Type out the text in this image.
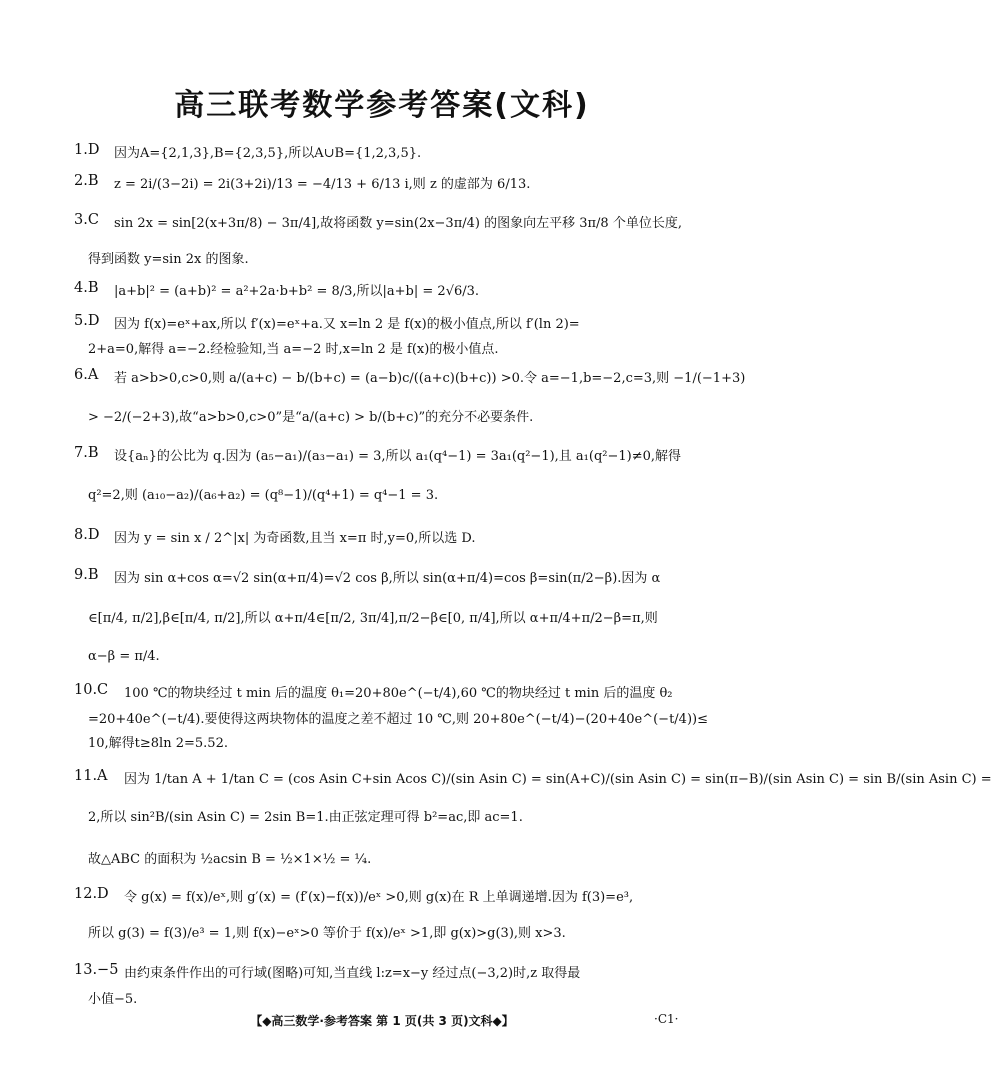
高三联考数学参考答案(文科)
1.D 因为A={2,1,3},B={2,3,5},所以A∪B={1,2,3,5}.
2.B z = 2i/(3−2i) = 2i(3+2i)/13 = −4/13 + 6/13 i,则 z 的虚部为 6/13.
3.C sin 2x = sin[2(x+3π/8) − 3π/4],故将函数 y=sin(2x−3π/4) 的图象向左平移 3π/8 个单位长度,
得到函数 y=sin 2x 的图象.
4.B |a+b|² = (a+b)² = a²+2a·b+b² = 8/3,所以|a+b| = 2√6/3.
5.D 因为 f(x)=eˣ+ax,所以 f′(x)=eˣ+a.又 x=ln 2 是 f(x)的极小值点,所以 f′(ln 2)=
2+a=0,解得 a=−2.经检验知,当 a=−2 时,x=ln 2 是 f(x)的极小值点.
6.A 若 a>b>0,c>0,则 a/(a+c) − b/(b+c) = (a−b)c/((a+c)(b+c)) >0.令 a=−1,b=−2,c=3,则 −1/(−1+3)
> −2/(−2+3),故“a>b>0,c>0”是“a/(a+c) > b/(b+c)”的充分不必要条件.
7.B 设{aₙ}的公比为 q.因为 (a₅−a₁)/(a₃−a₁) = 3,所以 a₁(q⁴−1) = 3a₁(q²−1),且 a₁(q²−1)≠0,解得
q²=2,则 (a₁₀−a₂)/(a₆+a₂) = (q⁸−1)/(q⁴+1) = q⁴−1 = 3.
8.D 因为 y = sin x / 2^|x| 为奇函数,且当 x=π 时,y=0,所以选 D.
9.B 因为 sin α+cos α=√2 sin(α+π/4)=√2 cos β,所以 sin(α+π/4)=cos β=sin(π/2−β).因为 α
∈[π/4, π/2],β∈[π/4, π/2],所以 α+π/4∈[π/2, 3π/4],π/2−β∈[0, π/4],所以 α+π/4+π/2−β=π,则
α−β = π/4.
10.C 100 ℃的物块经过 t min 后的温度 θ₁=20+80e^(−t/4),60 ℃的物块经过 t min 后的温度 θ₂
=20+40e^(−t/4).要使得这两块物体的温度之差不超过 10 ℃,则 20+80e^(−t/4)−(20+40e^(−t/4))≤
10,解得t≥8ln 2=5.52.
11.A 因为 1/tan A + 1/tan C = (cos Asin C+sin Acos C)/(sin Asin C) = sin(A+C)/(sin Asin C) = sin(π−B)/(sin Asin C) = sin B/(sin Asin C) =
2,所以 sin²B/(sin Asin C) = 2sin B=1.由正弦定理可得 b²=ac,即 ac=1.
故△ABC 的面积为 ½acsin B = ½×1×½ = ¼.
12.D 令 g(x) = f(x)/eˣ,则 g′(x) = (f′(x)−f(x))/eˣ >0,则 g(x)在 R 上单调递增.因为 f(3)=e³,
所以 g(3) = f(3)/e³ = 1,则 f(x)−eˣ>0 等价于 f(x)/eˣ >1,即 g(x)>g(3),则 x>3.
13.−5 由约束条件作出的可行域(图略)可知,当直线 l:z=x−y 经过点(−3,2)时,z 取得最
小值−5.
【◆高三数学·参考答案 第 1 页(共 3 页)文科◆】	·C1·
